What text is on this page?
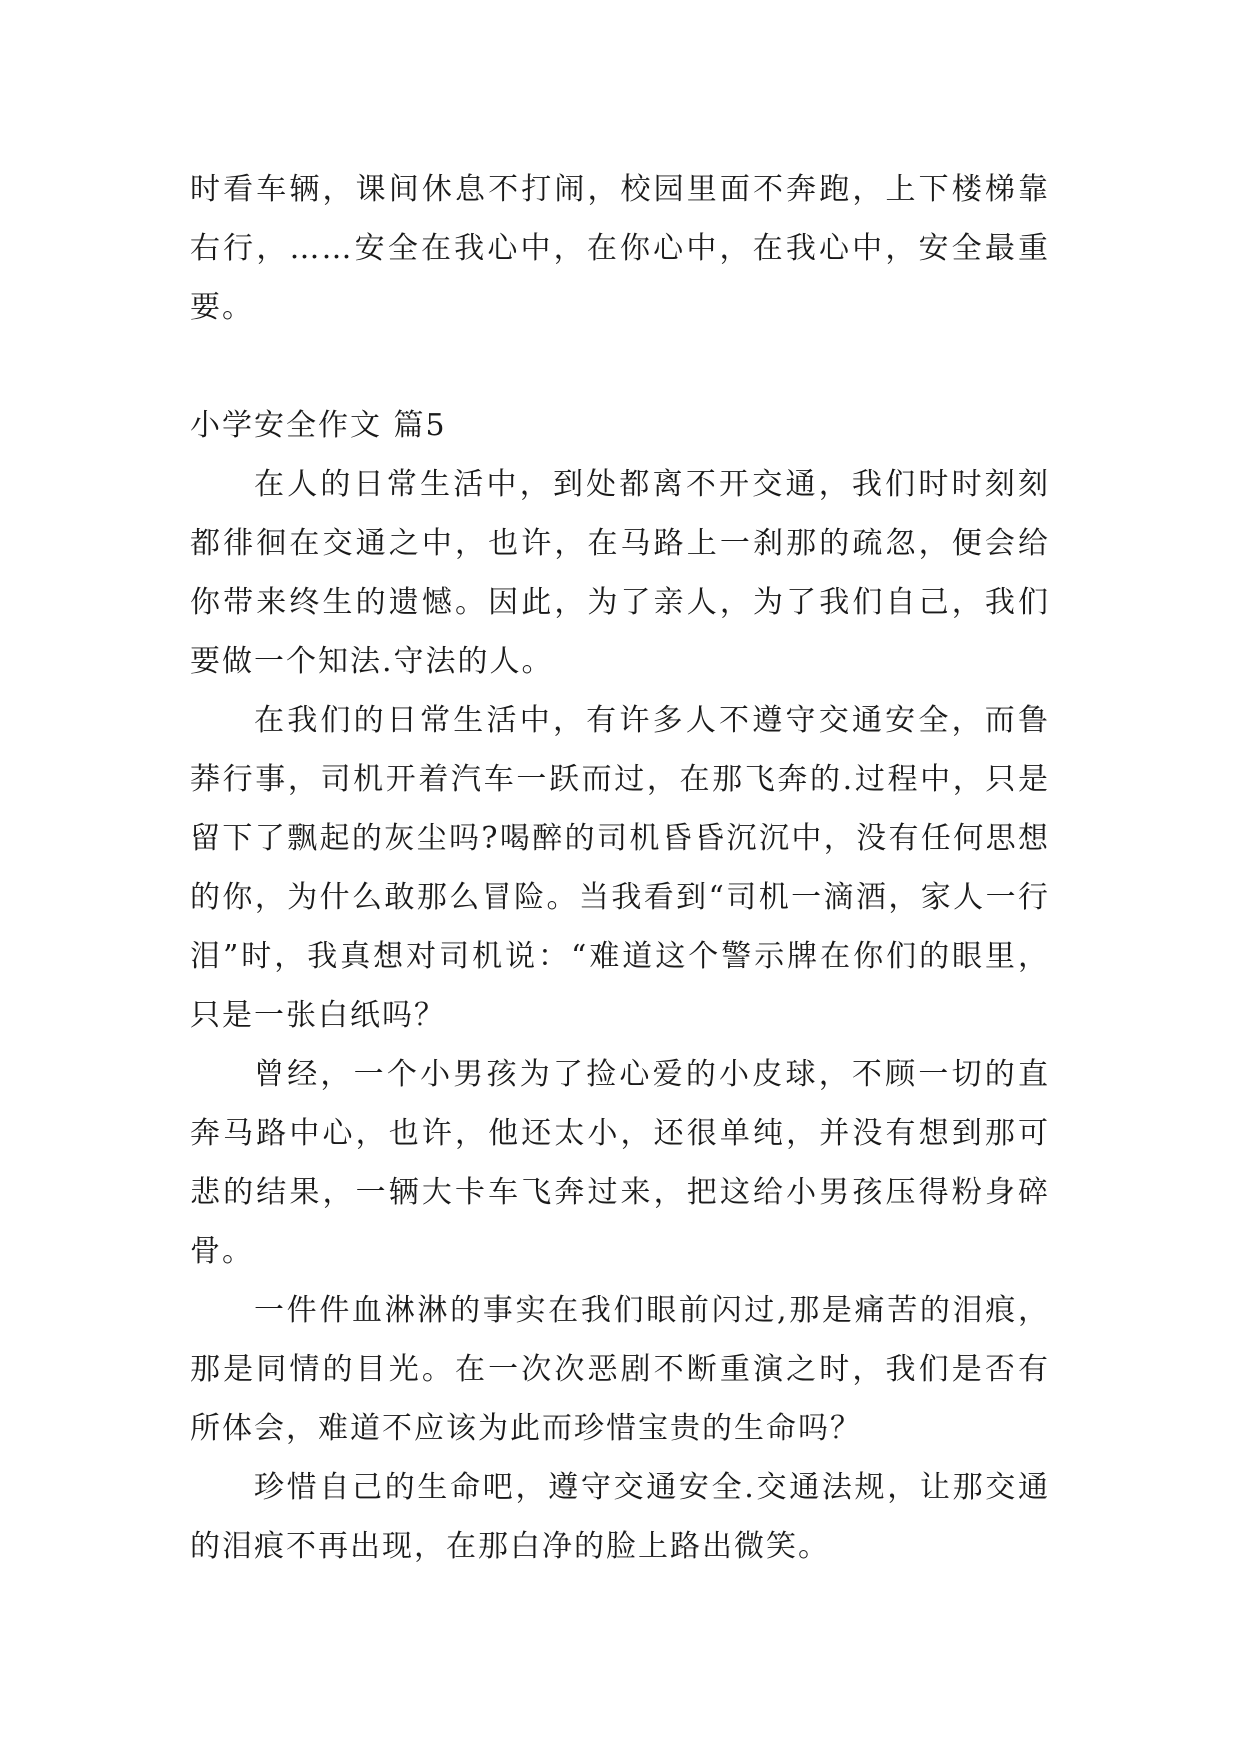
时看车辆，课间休息不打闹，校园里面不奔跑，上下楼梯靠右行，……安全在我心中，在你心中，在我心中，安全最重要。

小学安全作文 篇5

在人的日常生活中，到处都离不开交通，我们时时刻刻都徘徊在交通之中，也许，在马路上一刹那的疏忽，便会给你带来终生的遗憾。因此，为了亲人，为了我们自己，我们要做一个知法.守法的人。

在我们的日常生活中，有许多人不遵守交通安全，而鲁莽行事，司机开着汽车一跃而过，在那飞奔的.过程中，只是留下了飘起的灰尘吗?喝醉的司机昏昏沉沉中，没有任何思想的你，为什么敢那么冒险。当我看到“司机一滴酒，家人一行泪”时，我真想对司机说：“难道这个警示牌在你们的眼里，只是一张白纸吗？

曾经，一个小男孩为了捡心爱的小皮球，不顾一切的直奔马路中心，也许，他还太小，还很单纯，并没有想到那可悲的结果，一辆大卡车飞奔过来，把这给小男孩压得粉身碎骨。

一件件血淋淋的事实在我们眼前闪过,那是痛苦的泪痕，那是同情的目光。在一次次恶剧不断重演之时，我们是否有所体会，难道不应该为此而珍惜宝贵的生命吗？

珍惜自己的生命吧，遵守交通安全.交通法规，让那交通的泪痕不再出现，在那白净的脸上路出微笑。
